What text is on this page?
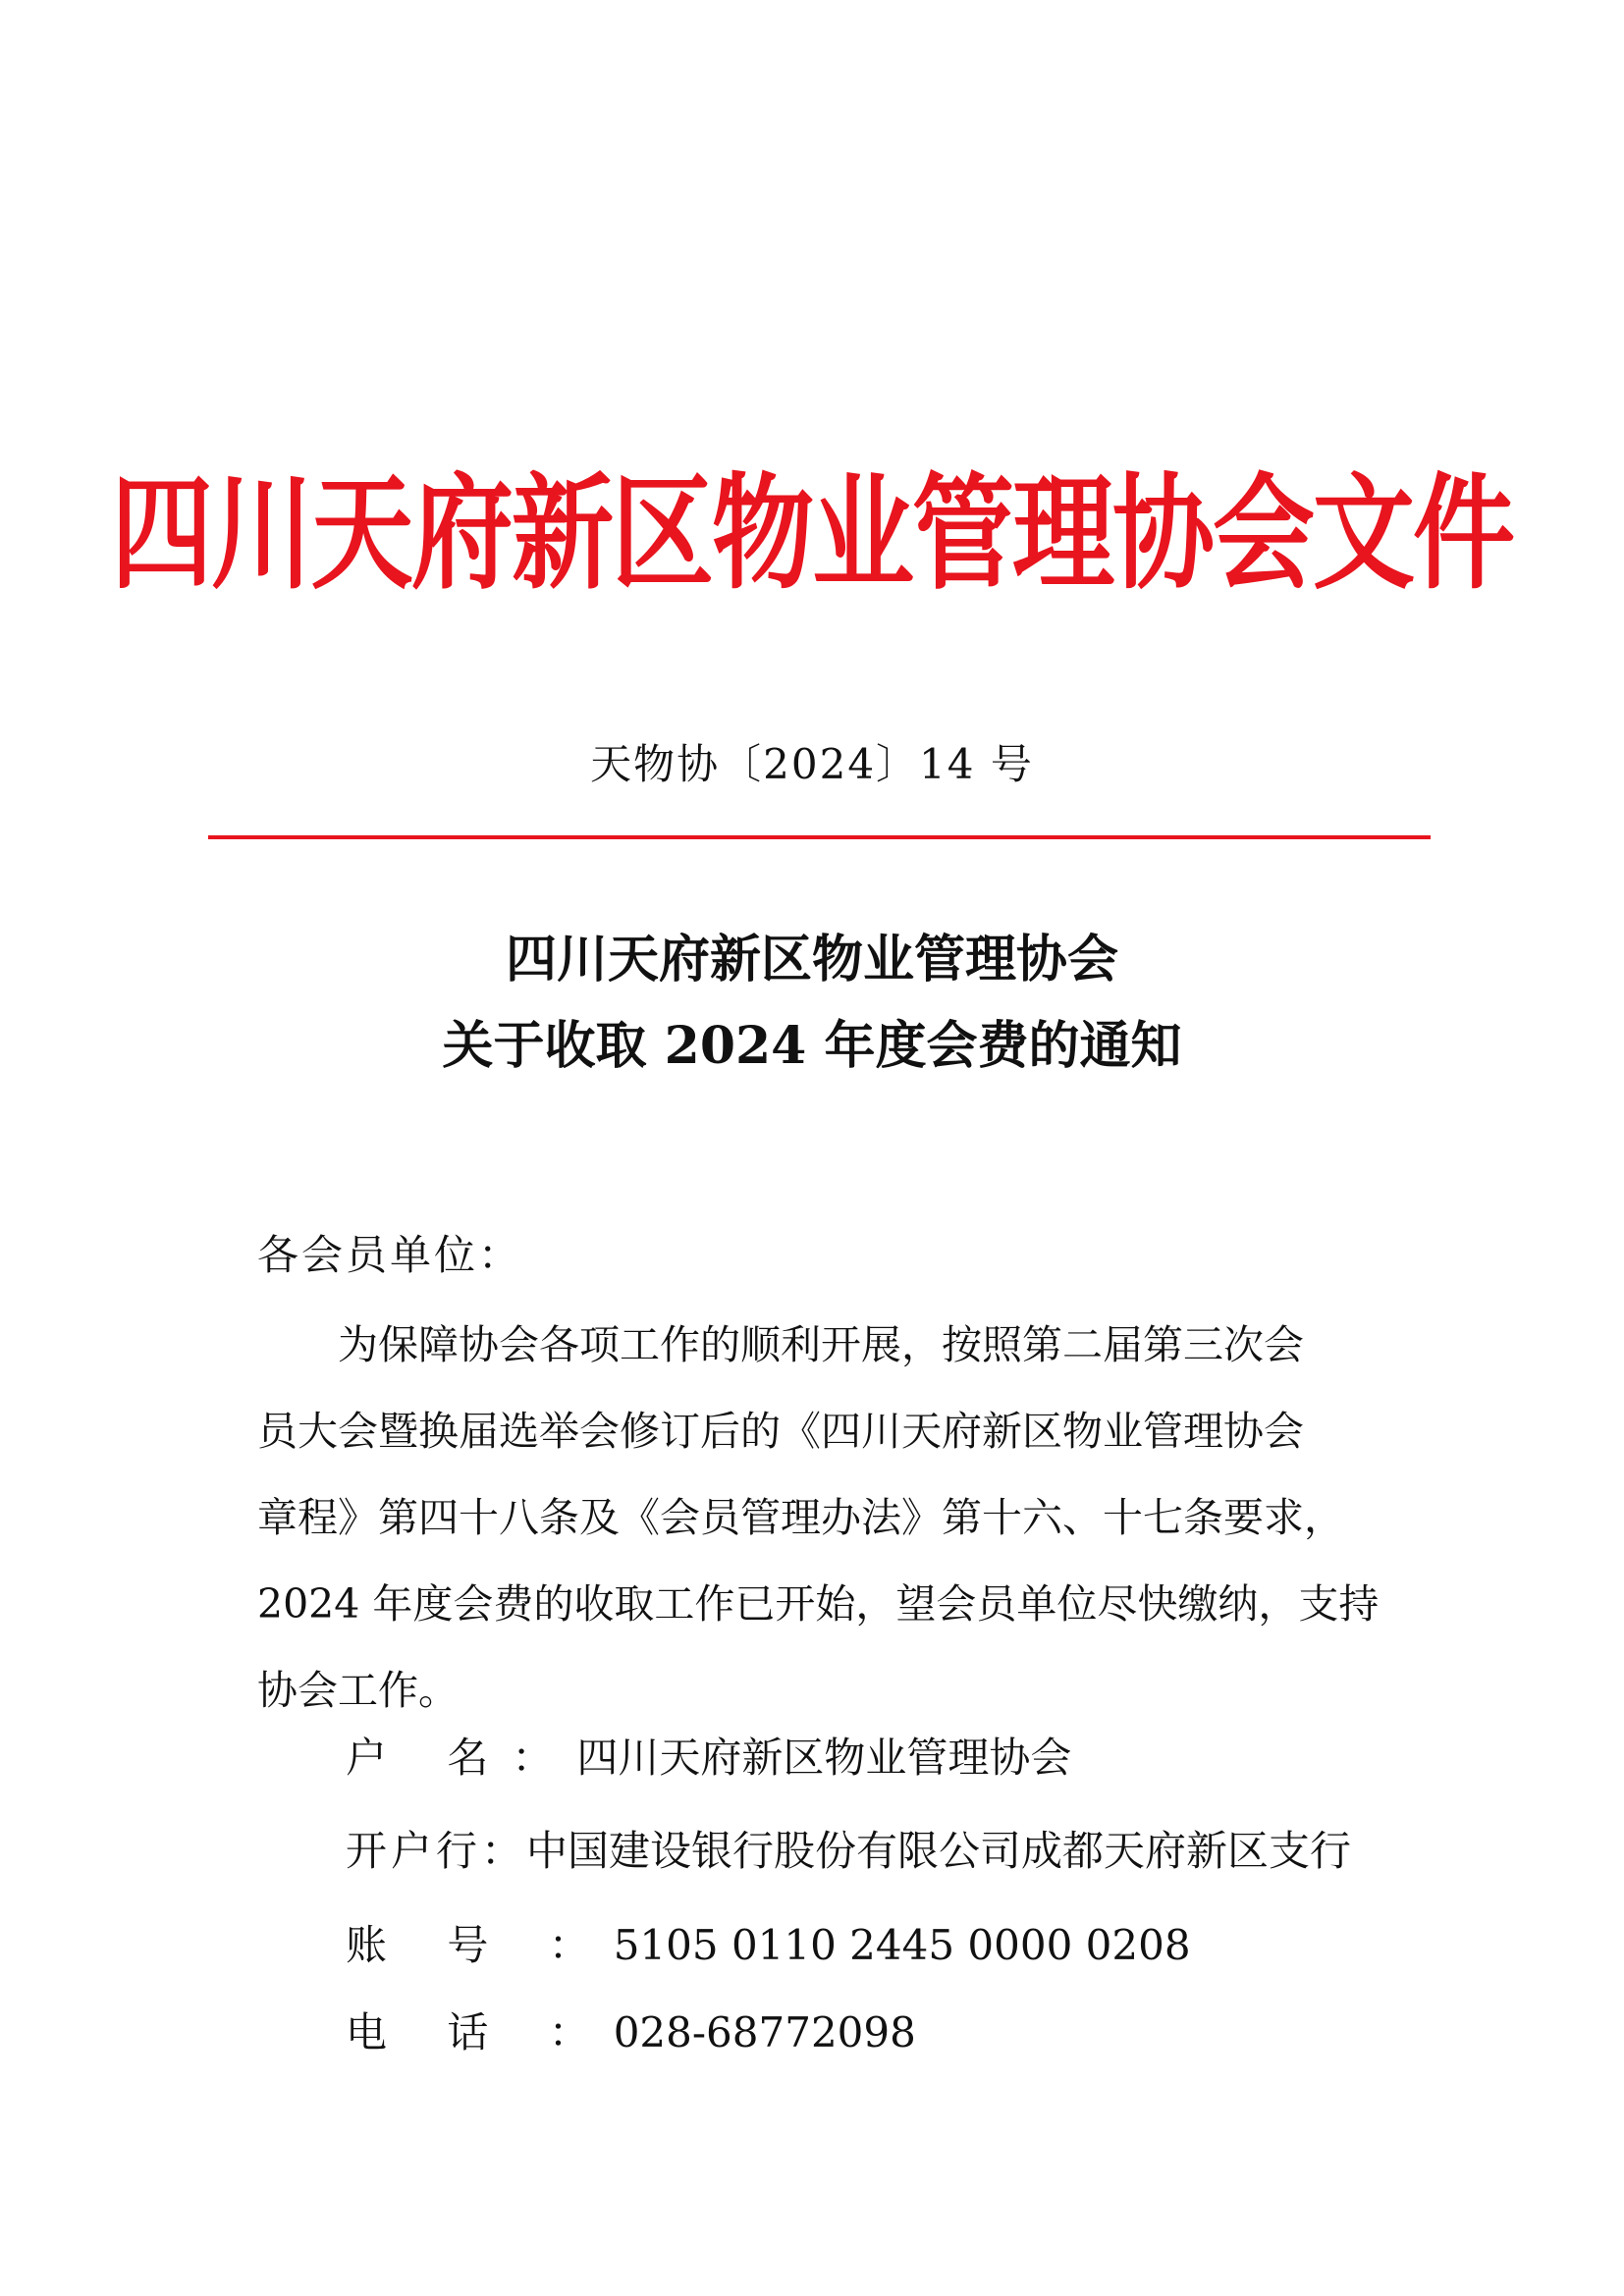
四川天府新区物业管理协会文件
天物协〔2024〕14 号
四川天府新区物业管理协会
关于收取 2024 年度会费的通知
各会员单位：
　　为保障协会各项工作的顺利开展，按照第二届第三次会
员大会暨换届选举会修订后的《四川天府新区物业管理协会
章程》第四十八条及《会员管理办法》第十六、十七条要求，
2024 年度会费的收取工作已开始，望会员单位尽快缴纳，支持
协会工作。
户 名：四川天府新区物业管理协会
开户行：中国建设银行股份有限公司成都天府新区支行
账 号 ：5105 0110 2445 0000 0208
电 话 ：028-68772098
